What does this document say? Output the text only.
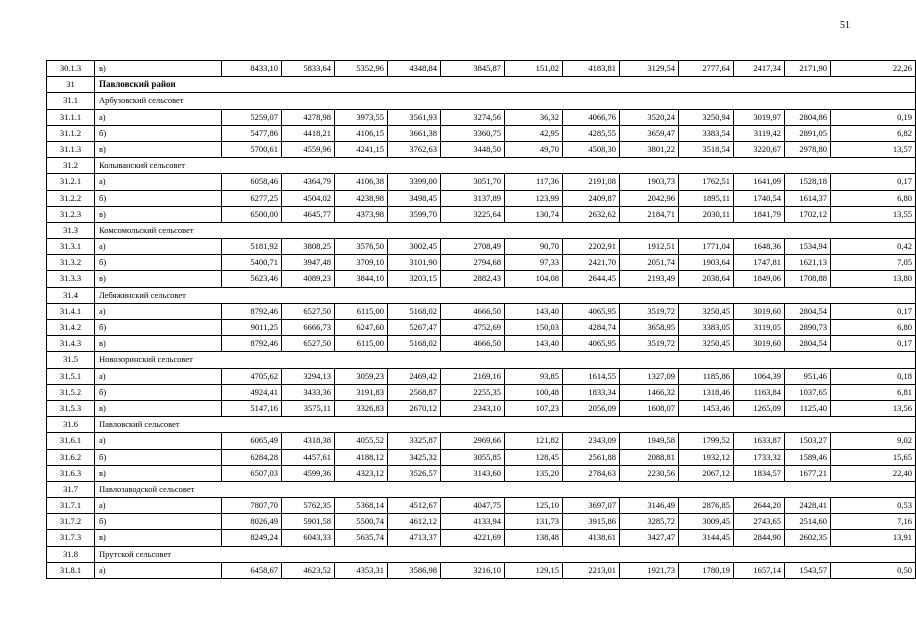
51
30.1.3	в)	8433,10	5833,64	5352,96	4348,84	3845,87	151,02	4183,81	3129,54	2777,64	2417,34	2171,90	22,26
31	Павловский район												
31.1	Арбузовский сельсовет												
31.1.1	а)	5259,07	4278,98	3973,55	3561,93	3274,56	36,32	4066,76	3520,24	3250,94	3019,97	2804,86	0,19
31.1.2	б)	5477,86	4418,21	4106,15	3661,38	3360,75	42,95	4285,55	3659,47	3383,54	3119,42	2891,05	6,82
31.1.3	в)	5700,61	4559,96	4241,15	3762,63	3448,50	49,70	4508,30	3801,22	3518,54	3220,67	2978,80	13,57
31.2	Колыванский сельсовет												
31.2.1	а)	6058,46	4364,79	4106,38	3399,00	3051,70	117,36	2191,08	1903,73	1762,51	1641,09	1528,18	0,17
31.2.2	б)	6277,25	4504,02	4238,98	3498,45	3137,89	123,99	2409,87	2042,96	1895,11	1740,54	1614,37	6,80
31.2.3	в)	6500,00	4645,77	4373,98	3599,70	3225,64	130,74	2632,62	2184,71	2030,11	1841,79	1702,12	13,55
31.3	Комсомольский сельсовет												
31.3.1	а)	5181,92	3808,25	3576,50	3002,45	2708,49	90,70	2202,91	1912,51	1771,04	1648,36	1534,94	0,42
31.3.2	б)	5400,71	3947,48	3709,10	3101,90	2794,68	97,33	2421,70	2051,74	1903,64	1747,81	1621,13	7,05
31.3.3	в)	5623,46	4089,23	3844,10	3203,15	2882,43	104,08	2644,45	2193,49	2038,64	1849,06	1708,88	13,80
31.4	Лебяжинский сельсовет												
31.4.1	а)	8792,46	6527,50	6115,00	5168,02	4666,50	143,40	4065,95	3519,72	3250,45	3019,60	2804,54	0,17
31.4.2	б)	9011,25	6666,73	6247,60	5267,47	4752,69	150,03	4284,74	3658,95	3383,05	3119,05	2890,73	6,80
31.4.3	в)	8792,46	6527,50	6115,00	5168,02	4666,50	143,40	4065,95	3519,72	3250,45	3019,60	2804,54	0,17
31.5	Новозоринский сельсовет												
31.5.1	а)	4705,62	3294,13	3059,23	2469,42	2169,16	93,85	1614,55	1327,09	1185,86	1064,39	951,46	0,18
31.5.2	б)	4924,41	3433,36	3191,83	2568,87	2255,35	100,48	1833,34	1466,32	1318,46	1163,84	1037,65	6,81
31.5.3	в)	5147,16	3575,11	3326,83	2670,12	2343,10	107,23	2056,09	1608,07	1453,46	1265,09	1125,40	13,56
31.6	Павловский сельсовет												
31.6.1	а)	6065,49	4318,38	4055,52	3325,87	2969,66	121,82	2343,09	1949,58	1799,52	1633,87	1503,27	9,02
31.6.2	б)	6284,28	4457,61	4188,12	3425,32	3055,85	128,45	2561,88	2088,81	1932,12	1733,32	1589,46	15,65
31.6.3	в)	6507,03	4599,36	4323,12	3526,57	3143,60	135,20	2784,63	2230,56	2067,12	1834,57	1677,21	22,40
31.7	Павлозаводской сельсовет												
31.7.1	а)	7807,70	5762,35	5368,14	4512,67	4047,75	125,10	3697,07	3146,49	2876,85	2644,20	2428,41	0,53
31.7.2	б)	8026,49	5901,58	5500,74	4612,12	4133,94	131,73	3915,86	3285,72	3009,45	2743,65	2514,60	7,16
31.7.3	в)	8249,24	6043,33	5635,74	4713,37	4221,69	138,48	4138,61	3427,47	3144,45	2844,90	2602,35	13,91
31.8	Прутской сельсовет												
31.8.1	а)	6458,67	4623,52	4353,31	3586,98	3216,10	129,15	2213,01	1921,73	1780,19	1657,14	1543,57	0,50
